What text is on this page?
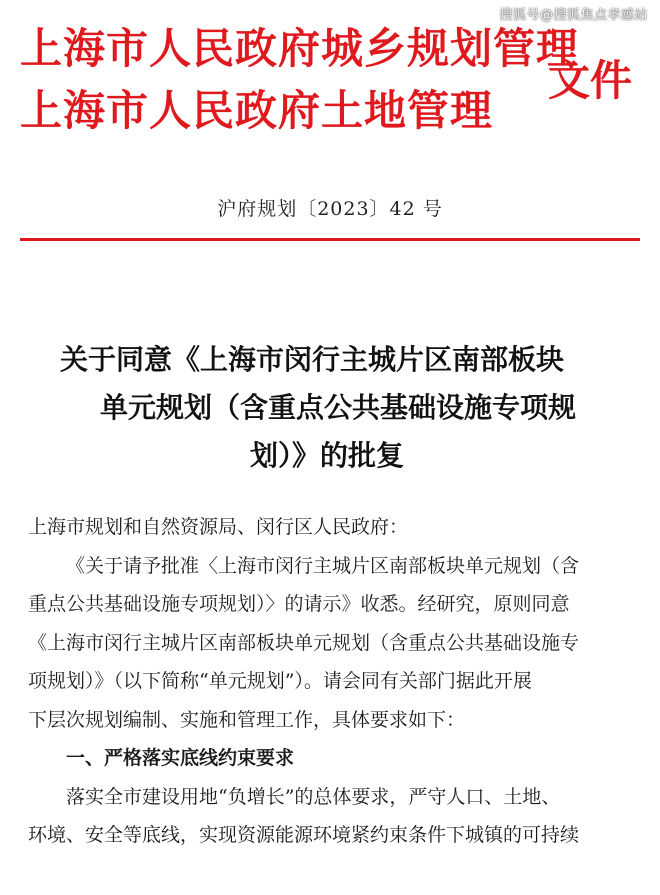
搜狐号@搜狐焦点孝感站
上海市人民政府城乡规划管理
上海市人民政府土地管理
文件
沪府规划〔2023〕42 号
关于同意《上海市闵行主城片区南部板块
单元规划（含重点公共基础设施专项规
划）》的批复
上海市规划和自然资源局、闵行区人民政府：
《关于请予批准〈上海市闵行主城片区南部板块单元规划（含
重点公共基础设施专项规划）〉的请示》收悉。经研究，原则同意
《上海市闵行主城片区南部板块单元规划（含重点公共基础设施专
项规划）》（以下简称“单元规划”）。请会同有关部门据此开展
下层次规划编制、实施和管理工作，具体要求如下：
一、严格落实底线约束要求
落实全市建设用地“负增长”的总体要求，严守人口、土地、
环境、安全等底线，实现资源能源环境紧约束条件下城镇的可持续
